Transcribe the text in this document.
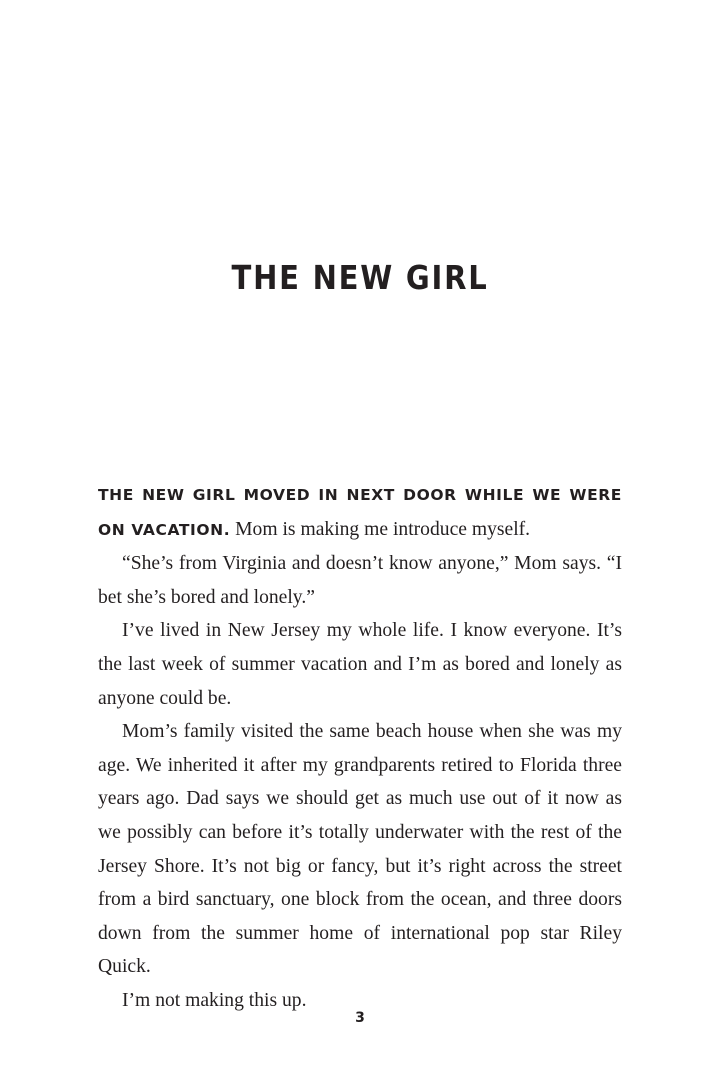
THE NEW GIRL

THE NEW GIRL MOVED IN NEXT DOOR WHILE WE WERE ON VACATION. Mom is making me introduce myself.

“She’s from Virginia and doesn’t know anyone,” Mom says. “I bet she’s bored and lonely.”

I’ve lived in New Jersey my whole life. I know everyone. It’s the last week of summer vacation and I’m as bored and lonely as anyone could be.

Mom’s family visited the same beach house when she was my age. We inherited it after my grandparents retired to Florida three years ago. Dad says we should get as much use out of it now as we possibly can before it’s totally underwater with the rest of the Jersey Shore. It’s not big or fancy, but it’s right across the street from a bird sanctuary, one block from the ocean, and three doors down from the summer home of international pop star Riley Quick.

I’m not making this up.

3
